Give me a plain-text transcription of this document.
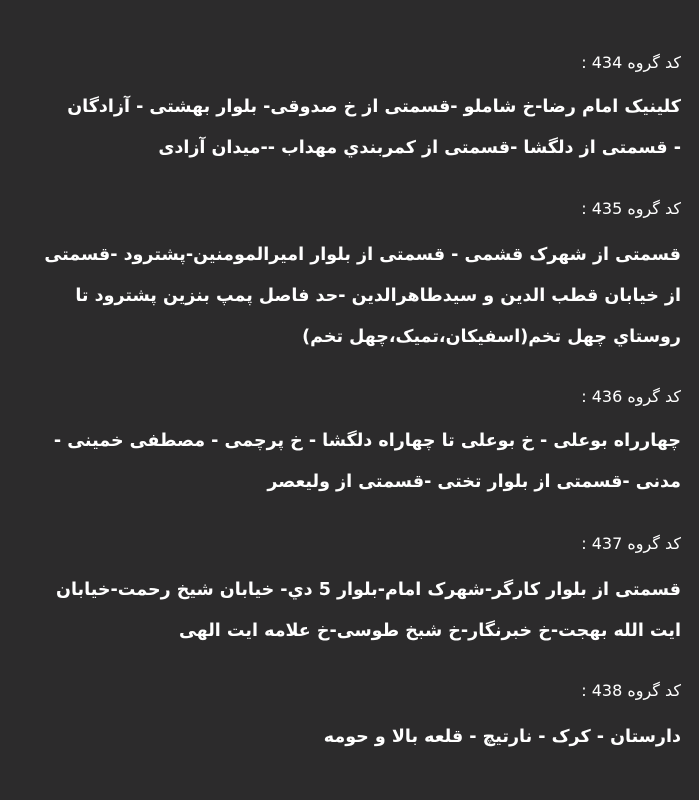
کد گروه 434 :
کلینیک امام رضا-خ شاملو -قسمتی از خ صدوقی- بلوار بهشتی - آزادگان
- قسمتی از دلگشا -قسمتی از کمربندي مهداب --میدان آزادی
کد گروه 435 :
قسمتی از شهرک قشمی - قسمتی از بلوار امیرالمومنین-پشترود -قسمتی
از خیابان قطب الدین و سیدطاهرالدین -حد فاصل پمپ بنزین پشترود تا
روستاي چهل تخم(اسفیکان،تمیک،چهل تخم)
کد گروه 436 :
چهارراه بوعلی - خ بوعلی تا چهاراه دلگشا - خ پرچمی - مصطفی خمینی -
مدنی -قسمتی از بلوار تختی -قسمتی از ولیعصر
کد گروه 437 :
قسمتی از بلوار کارگر-شهرک امام-بلوار 5 دي- خیابان شیخ رحمت-خیابان
ایت الله بهجت-خ خبرنگار-خ شبخ طوسی-خ علامه ایت الهی
کد گروه 438 :
دارستان - کرک - نارتیچ - قلعه بالا و حومه
